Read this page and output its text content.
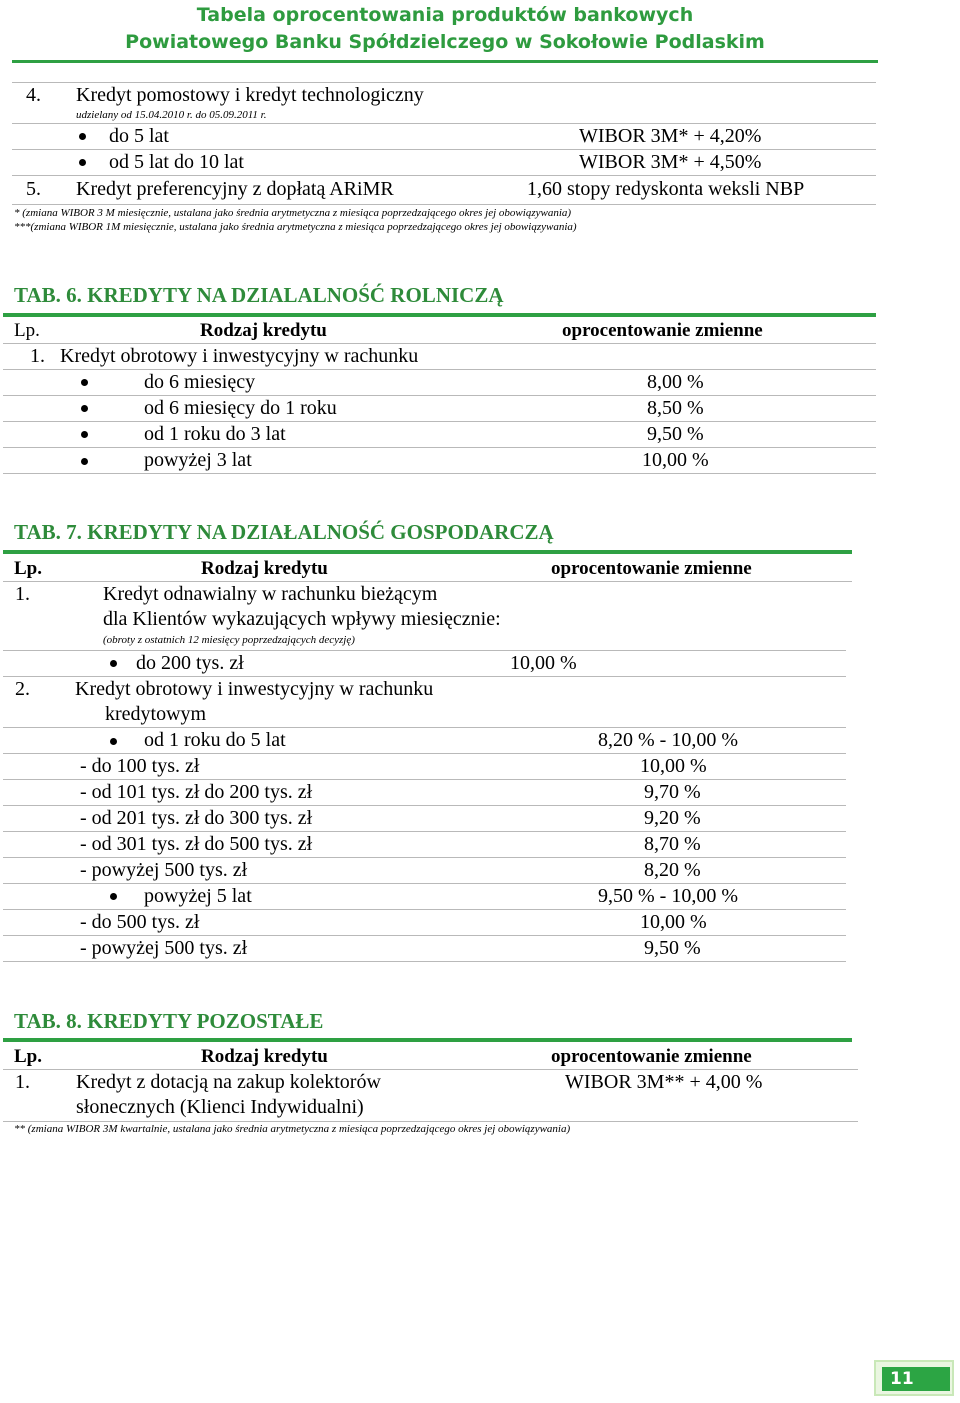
Tabela oprocentowania produktów bankowych
Powiatowego Banku Spółdzielczego w Sokołowie Podlaskim
4. Kredyt pomostowy i kredyt technologiczny
udzielany od 15.04.2010 r. do 05.09.2011 r.
do 5 lat	WIBOR 3M* + 4,20%
od 5 lat do 10 lat	WIBOR 3M* + 4,50%
5. Kredyt preferencyjny z dopłatą ARiMR	1,60 stopy redyskonta weksli NBP
* (zmiana WIBOR 3 M miesięcznie, ustalana jako średnia arytmetyczna z miesiąca poprzedzającego okres jej obowiązywania)
***(zmiana WIBOR 1M miesięcznie, ustalana jako średnia arytmetyczna z miesiąca poprzedzającego okres jej obowiązywania)
TAB. 6. KREDYTY NA DZIALALNOŚĆ ROLNICZĄ
Lp.	Rodzaj kredytu	oprocentowanie zmienne
1. Kredyt obrotowy i inwestycyjny w rachunku
do 6 miesięcy	8,00 %
od 6 miesięcy do 1 roku	8,50 %
od 1 roku do 3 lat	9,50 %
powyżej 3 lat	10,00 %
TAB. 7. KREDYTY NA DZIAŁALNOŚĆ GOSPODARCZĄ
Lp.	Rodzaj kredytu	oprocentowanie zmienne
1.	Kredyt odnawialny w rachunku bieżącym
dla Klientów wykazujących wpływy miesięcznie:
(obroty z ostatnich 12 miesięcy poprzedzających decyzję)
do 200 tys. zł	10,00 %
2. Kredyt obrotowy i inwestycyjny w rachunku
kredytowym
od 1 roku do 5 lat	8,20 % - 10,00 %
- do 100 tys. zł	10,00 %
- od 101 tys. zł do 200 tys. zł	9,70 %
- od 201 tys. zł do 300 tys. zł	9,20 %
- od 301 tys. zł do 500 tys. zł	8,70 %
- powyżej 500 tys. zł	8,20 %
powyżej 5 lat	9,50 % - 10,00 %
- do 500 tys. zł	10,00 %
- powyżej 500 tys. zł	9,50 %
TAB. 8. KREDYTY POZOSTAŁE
Lp.	Rodzaj kredytu	oprocentowanie zmienne
1. Kredyt z dotacją na zakup kolektorów
słonecznych (Klienci Indywidualni)
WIBOR 3M** + 4,00 %
** (zmiana WIBOR 3M kwartalnie, ustalana jako średnia arytmetyczna z miesiąca poprzedzającego okres jej obowiązywania)
11
